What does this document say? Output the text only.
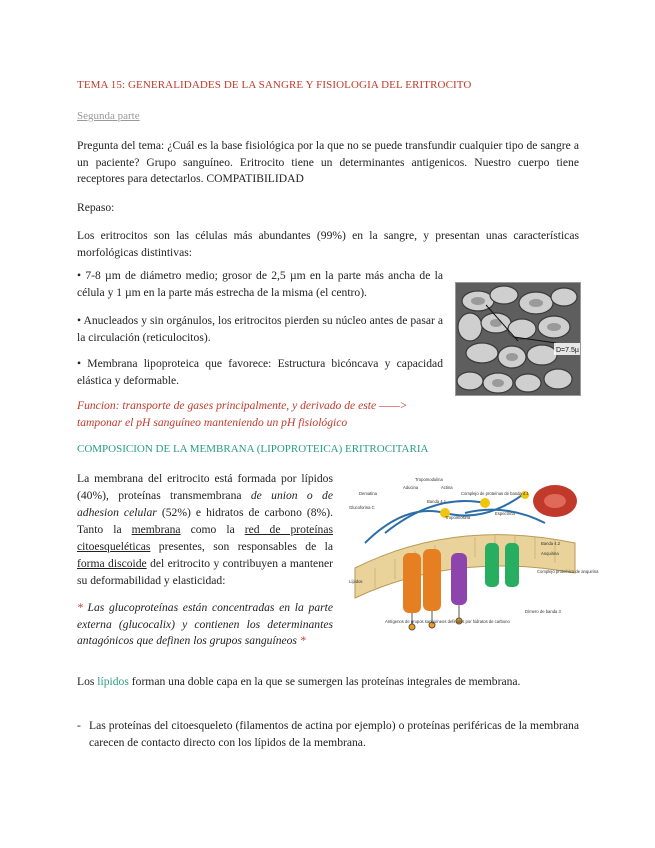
TEMA 15: GENERALIDADES DE LA SANGRE Y FISIOLOGIA DEL ERITROCITO
Segunda parte
Pregunta del tema: ¿Cuál es la base fisiológica por la que no se puede transfundir cualquier tipo de sangre a un paciente? Grupo sanguíneo. Eritrocito tiene un determinantes antigenicos. Nuestro cuerpo tiene receptores para detectarlos. COMPATIBILIDAD
Repaso:
Los eritrocitos son las células más abundantes (99%) en la sangre, y presentan unas características morfológicas distintivas:
• 7-8 µm de diámetro medio; grosor de 2,5 µm en la parte más ancha de la célula y 1 µm en la parte más estrecha de la misma (el centro).
• Anucleados y sin orgánulos, los eritrocitos pierden su núcleo antes de pasar a la circulación (reticulocitos).
• Membrana lipoproteica que favorece: Estructura bicóncava y capacidad elástica y deformable.
D=7.5µ
Funcion: transporte de gases principalmente, y derivado de este ——> tamponar el pH sanguíneo manteniendo un pH fisiológico
COMPOSICION DE LA MEMBRANA (LIPOPROTEICA) ERITROCITARIA
La membrana del eritrocito está formada por lípidos (40%), proteínas transmembrana de union o de adhesion celular (52%) e hidratos de carbono (8%). Tanto la membrana como la red de proteínas citoesqueléticas presentes, son responsables de la forma discoide del eritrocito y contribuyen a mantener su deformabilidad y elasticidad:
Tropomodulina
Dematina
Aducina	Actina
Complejo de proteínas de banda 4.1
Glucoforina C
Banda 4.1
Tropomiosina
Espectrina
Banda 4.2
Anquirina
Complejo proteínico de anquirina
Dímero de banda 3
Antígenos de grupos sanguíneos definidos por hidratos de carbono
Lípidos
* Las glucoproteínas están concentradas en la parte externa (glucocalix) y contienen los determinantes antagónicos que definen los grupos sanguíneos *
Los lípidos forman una doble capa en la que se sumergen las proteínas integrales de membrana.
- Las proteínas del citoesqueleto (filamentos de actina por ejemplo) o proteínas periféricas de la membrana carecen de contacto directo con los lípidos de la membrana.
